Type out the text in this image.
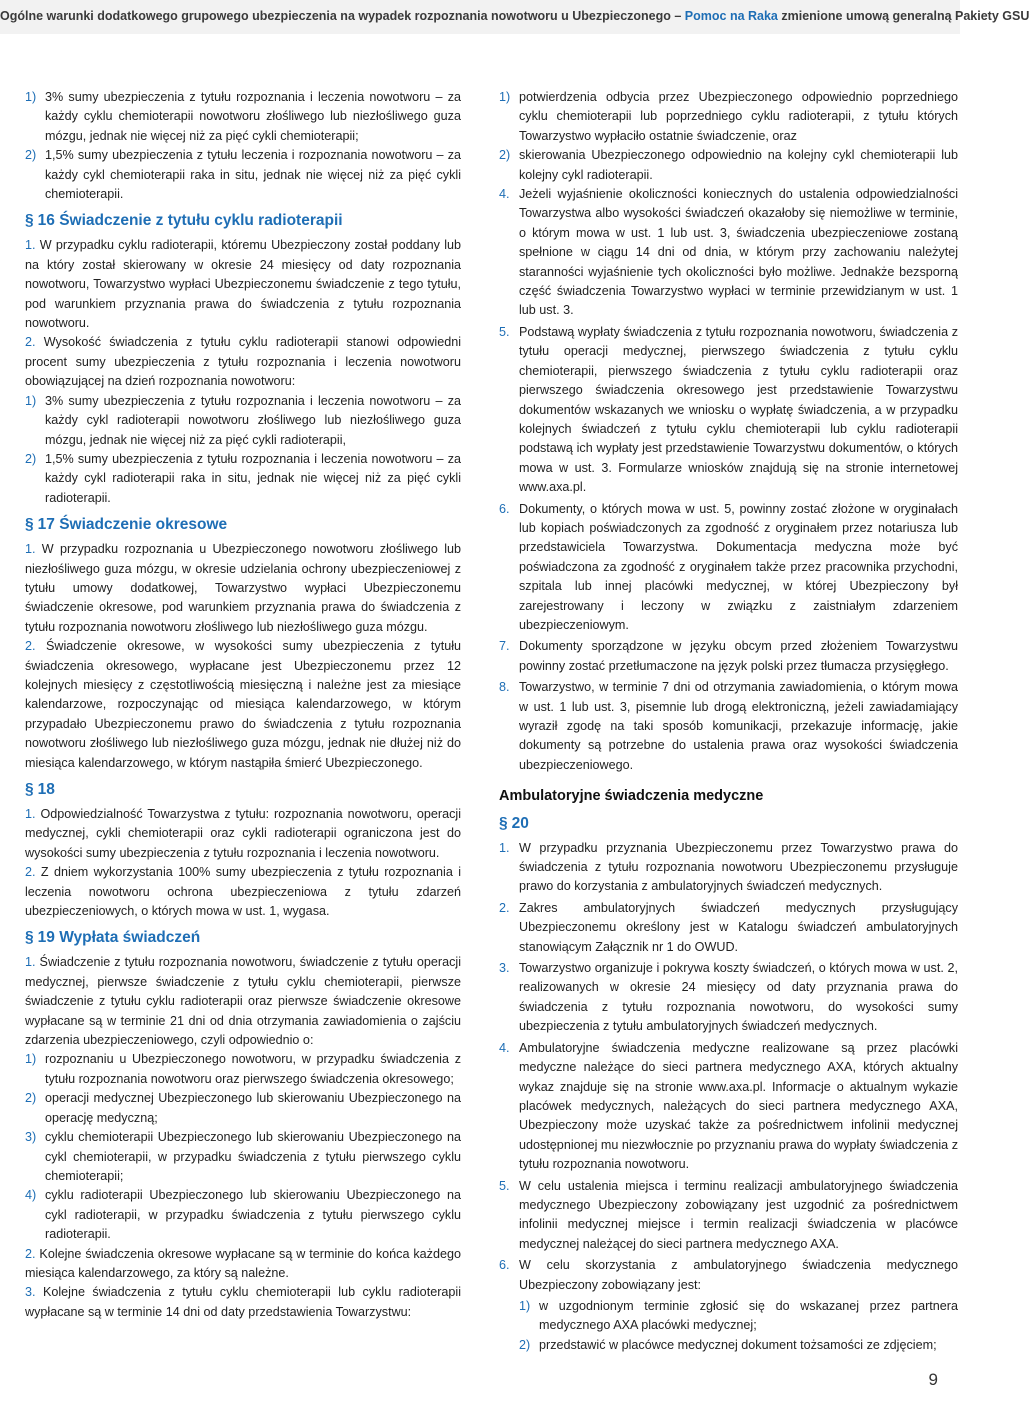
Ogólne warunki dodatkowego grupowego ubezpieczenia na wypadek rozpoznania nowotworu u Ubezpieczonego – Pomoc na Raka zmienione umową generalną Pakiety GSU
1) 3% sumy ubezpieczenia z tytułu rozpoznania i leczenia nowotworu – za każdy cyklu chemioterapii nowotworu złośliwego lub niezłośliwego guza mózgu, jednak nie więcej niż za pięć cykli chemioterapii;
2) 1,5% sumy ubezpieczenia z tytułu leczenia i rozpoznania nowotworu – za każdy cykl chemioterapii raka in situ, jednak nie więcej niż za pięć cykli chemioterapii.
§ 16 Świadczenie z tytułu cyklu radioterapii

1. W przypadku cyklu radioterapii, któremu Ubezpieczony został poddany lub na który został skierowany w okresie 24 miesięcy od daty rozpoznania nowotworu, Towarzystwo wypłaci Ubezpieczonemu świadczenie z tego tytułu, pod warunkiem przyznania prawa do świadczenia z tytułu rozpoznania nowotworu.

2. Wysokość świadczenia z tytułu cyklu radioterapii stanowi odpowiedni procent sumy ubezpieczenia z tytułu rozpoznania i leczenia nowotworu obowiązującej na dzień rozpoznania nowotworu:

1) 3% sumy ubezpieczenia z tytułu rozpoznania i leczenia nowotworu – za każdy cykl radioterapii nowotworu złośliwego lub niezłośliwego guza mózgu, jednak nie więcej niż za pięć cykli radioterapii,
2) 1,5% sumy ubezpieczenia z tytułu rozpoznania i leczenia nowotworu – za każdy cykl radioterapii raka in situ, jednak nie więcej niż za pięć cykli radioterapii.
§ 17 Świadczenie okresowe

1. W przypadku rozpoznania u Ubezpieczonego nowotworu złośliwego lub niezłośliwego guza mózgu, w okresie udzielania ochrony ubezpieczeniowej z tytułu umowy dodatkowej, Towarzystwo wypłaci Ubezpieczonemu świadczenie okresowe, pod warunkiem przyznania prawa do świadczenia z tytułu rozpoznania nowotworu złośliwego lub niezłośliwego guza mózgu.

2. Świadczenie okresowe, w wysokości sumy ubezpieczenia z tytułu świadczenia okresowego, wypłacane jest Ubezpieczonemu przez 12 kolejnych miesięcy z częstotliwością miesięczną i należne jest za miesiące kalendarzowe, rozpoczynając od miesiąca kalendarzowego, w którym przypadało Ubezpieczonemu prawo do świadczenia z tytułu rozpoznania nowotworu złośliwego lub niezłośliwego guza mózgu, jednak nie dłużej niż do miesiąca kalendarzowego, w którym nastąpiła śmierć Ubezpieczonego.

§ 18

1. Odpowiedzialność Towarzystwa z tytułu: rozpoznania nowotworu, operacji medycznej, cykli chemioterapii oraz cykli radioterapii ograniczona jest do wysokości sumy ubezpieczenia z tytułu rozpoznania i leczenia nowotworu.

2. Z dniem wykorzystania 100% sumy ubezpieczenia z tytułu rozpoznania i leczenia nowotworu ochrona ubezpieczeniowa z tytułu zdarzeń ubezpieczeniowych, o których mowa w ust. 1, wygasa.

§ 19 Wypłata świadczeń

1. Świadczenie z tytułu rozpoznania nowotworu, świadczenie z tytułu operacji medycznej, pierwsze świadczenie z tytułu cyklu chemioterapii, pierwsze świadczenie z tytułu cyklu radioterapii oraz pierwsze świadczenie okresowe wypłacane są w terminie 21 dni od dnia otrzymania zawiadomienia o zajściu zdarzenia ubezpieczeniowego, czyli odpowiednio o:

1) rozpoznaniu u Ubezpieczonego nowotworu, w przypadku świadczenia z tytułu rozpoznania nowotworu oraz pierwszego świadczenia okresowego;
2) operacji medycznej Ubezpieczonego lub skierowaniu Ubezpieczonego na operację medyczną;
3) cyklu chemioterapii Ubezpieczonego lub skierowaniu Ubezpieczonego na cykl chemioterapii, w przypadku świadczenia z tytułu pierwszego cyklu chemioterapii;
4) cyklu radioterapii Ubezpieczonego lub skierowaniu Ubezpieczonego na cykl radioterapii, w przypadku świadczenia z tytułu pierwszego cyklu radioterapii.

2. Kolejne świadczenia okresowe wypłacane są w terminie do końca każdego miesiąca kalendarzowego, za który są należne.

3. Kolejne świadczenia z tytułu cyklu chemioterapii lub cyklu radioterapii wypłacane są w terminie 14 dni od daty przedstawienia Towarzystwu:

1) potwierdzenia odbycia przez Ubezpieczonego odpowiednio poprzedniego cyklu chemioterapii lub poprzedniego cyklu radioterapii, z tytułu których Towarzystwo wypłaciło ostatnie świadczenie, oraz
2) skierowania Ubezpieczonego odpowiednio na kolejny cykl chemioterapii lub kolejny cykl radioterapii.
4. Jeżeli wyjaśnienie okoliczności koniecznych do ustalenia odpowiedzialności Towarzystwa albo wysokości świadczeń okazałoby się niemożliwe w terminie, o którym mowa w ust. 1 lub ust. 3, świadczenia ubezpieczeniowe zostaną spełnione w ciągu 14 dni od dnia, w którym przy zachowaniu należytej staranności wyjaśnienie tych okoliczności było możliwe. Jednakże bezsporną część świadczenia Towarzystwo wypłaci w terminie przewidzianym w ust. 1 lub ust. 3.
5. Podstawą wypłaty świadczenia z tytułu rozpoznania nowotworu, świadczenia z tytułu operacji medycznej, pierwszego świadczenia z tytułu cyklu chemioterapii, pierwszego świadczenia z tytułu cyklu radioterapii oraz pierwszego świadczenia okresowego jest przedstawienie Towarzystwu dokumentów wskazanych we wniosku o wypłatę świadczenia, a w przypadku kolejnych świadczeń z tytułu cyklu chemioterapii lub cyklu radioterapii podstawą ich wypłaty jest przedstawienie Towarzystwu dokumentów, o których mowa w ust. 3. Formularze wniosków znajdują się na stronie internetowej www.axa.pl.
6. Dokumenty, o których mowa w ust. 5, powinny zostać złożone w oryginałach lub kopiach poświadczonych za zgodność z oryginałem przez notariusza lub przedstawiciela Towarzystwa. Dokumentacja medyczna może być poświadczona za zgodność z oryginałem także przez pracownika przychodni, szpitala lub innej placówki medycznej, w której Ubezpieczony był zarejestrowany i leczony w związku z zaistniałym zdarzeniem ubezpieczeniowym.
7. Dokumenty sporządzone w języku obcym przed złożeniem Towarzystwu powinny zostać przetłumaczone na język polski przez tłumacza przysięgłego.
8. Towarzystwo, w terminie 7 dni od otrzymania zawiadomienia, o którym mowa w ust. 1 lub ust. 3, pisemnie lub drogą elektroniczną, jeżeli zawiadamiający wyraził zgodę na taki sposób komunikacji, przekazuje informację, jakie dokumenty są potrzebne do ustalenia prawa oraz wysokości świadczenia ubezpieczeniowego.
Ambulatoryjne świadczenia medyczne
§ 20
1. W przypadku przyznania Ubezpieczonemu przez Towarzystwo prawa do świadczenia z tytułu rozpoznania nowotworu Ubezpieczonemu przysługuje prawo do korzystania z ambulatoryjnych świadczeń medycznych.
2. Zakres ambulatoryjnych świadczeń medycznych przysługujący Ubezpieczonemu określony jest w Katalogu świadczeń ambulatoryjnych stanowiącym Załącznik nr 1 do OWUD.
3. Towarzystwo organizuje i pokrywa koszty świadczeń, o których mowa w ust. 2, realizowanych w okresie 24 miesięcy od daty przyznania prawa do świadczenia z tytułu rozpoznania nowotworu, do wysokości sumy ubezpieczenia z tytułu ambulatoryjnych świadczeń medycznych.
4. Ambulatoryjne świadczenia medyczne realizowane są przez placówki medyczne należące do sieci partnera medycznego AXA, których aktualny wykaz znajduje się na stronie www.axa.pl. Informacje o aktualnym wykazie placówek medycznych, należących do sieci partnera medycznego AXA, Ubezpieczony może uzyskać także za pośrednictwem infolinii medycznej udostępnionej mu niezwłocznie po przyznaniu prawa do wypłaty świadczenia z tytułu rozpoznania nowotworu.
5. W celu ustalenia miejsca i terminu realizacji ambulatoryjnego świadczenia medycznego Ubezpieczony zobowiązany jest uzgodnić za pośrednictwem infolinii medycznej miejsce i termin realizacji świadczenia w placówce medycznej należącej do sieci partnera medycznego AXA.
6. W celu skorzystania z ambulatoryjnego świadczenia medycznego Ubezpieczony zobowiązany jest:
1) w uzgodnionym terminie zgłosić się do wskazanej przez partnera medycznego AXA placówki medycznej;
2) przedstawić w placówce medycznej dokument tożsamości ze zdjęciem;
9
